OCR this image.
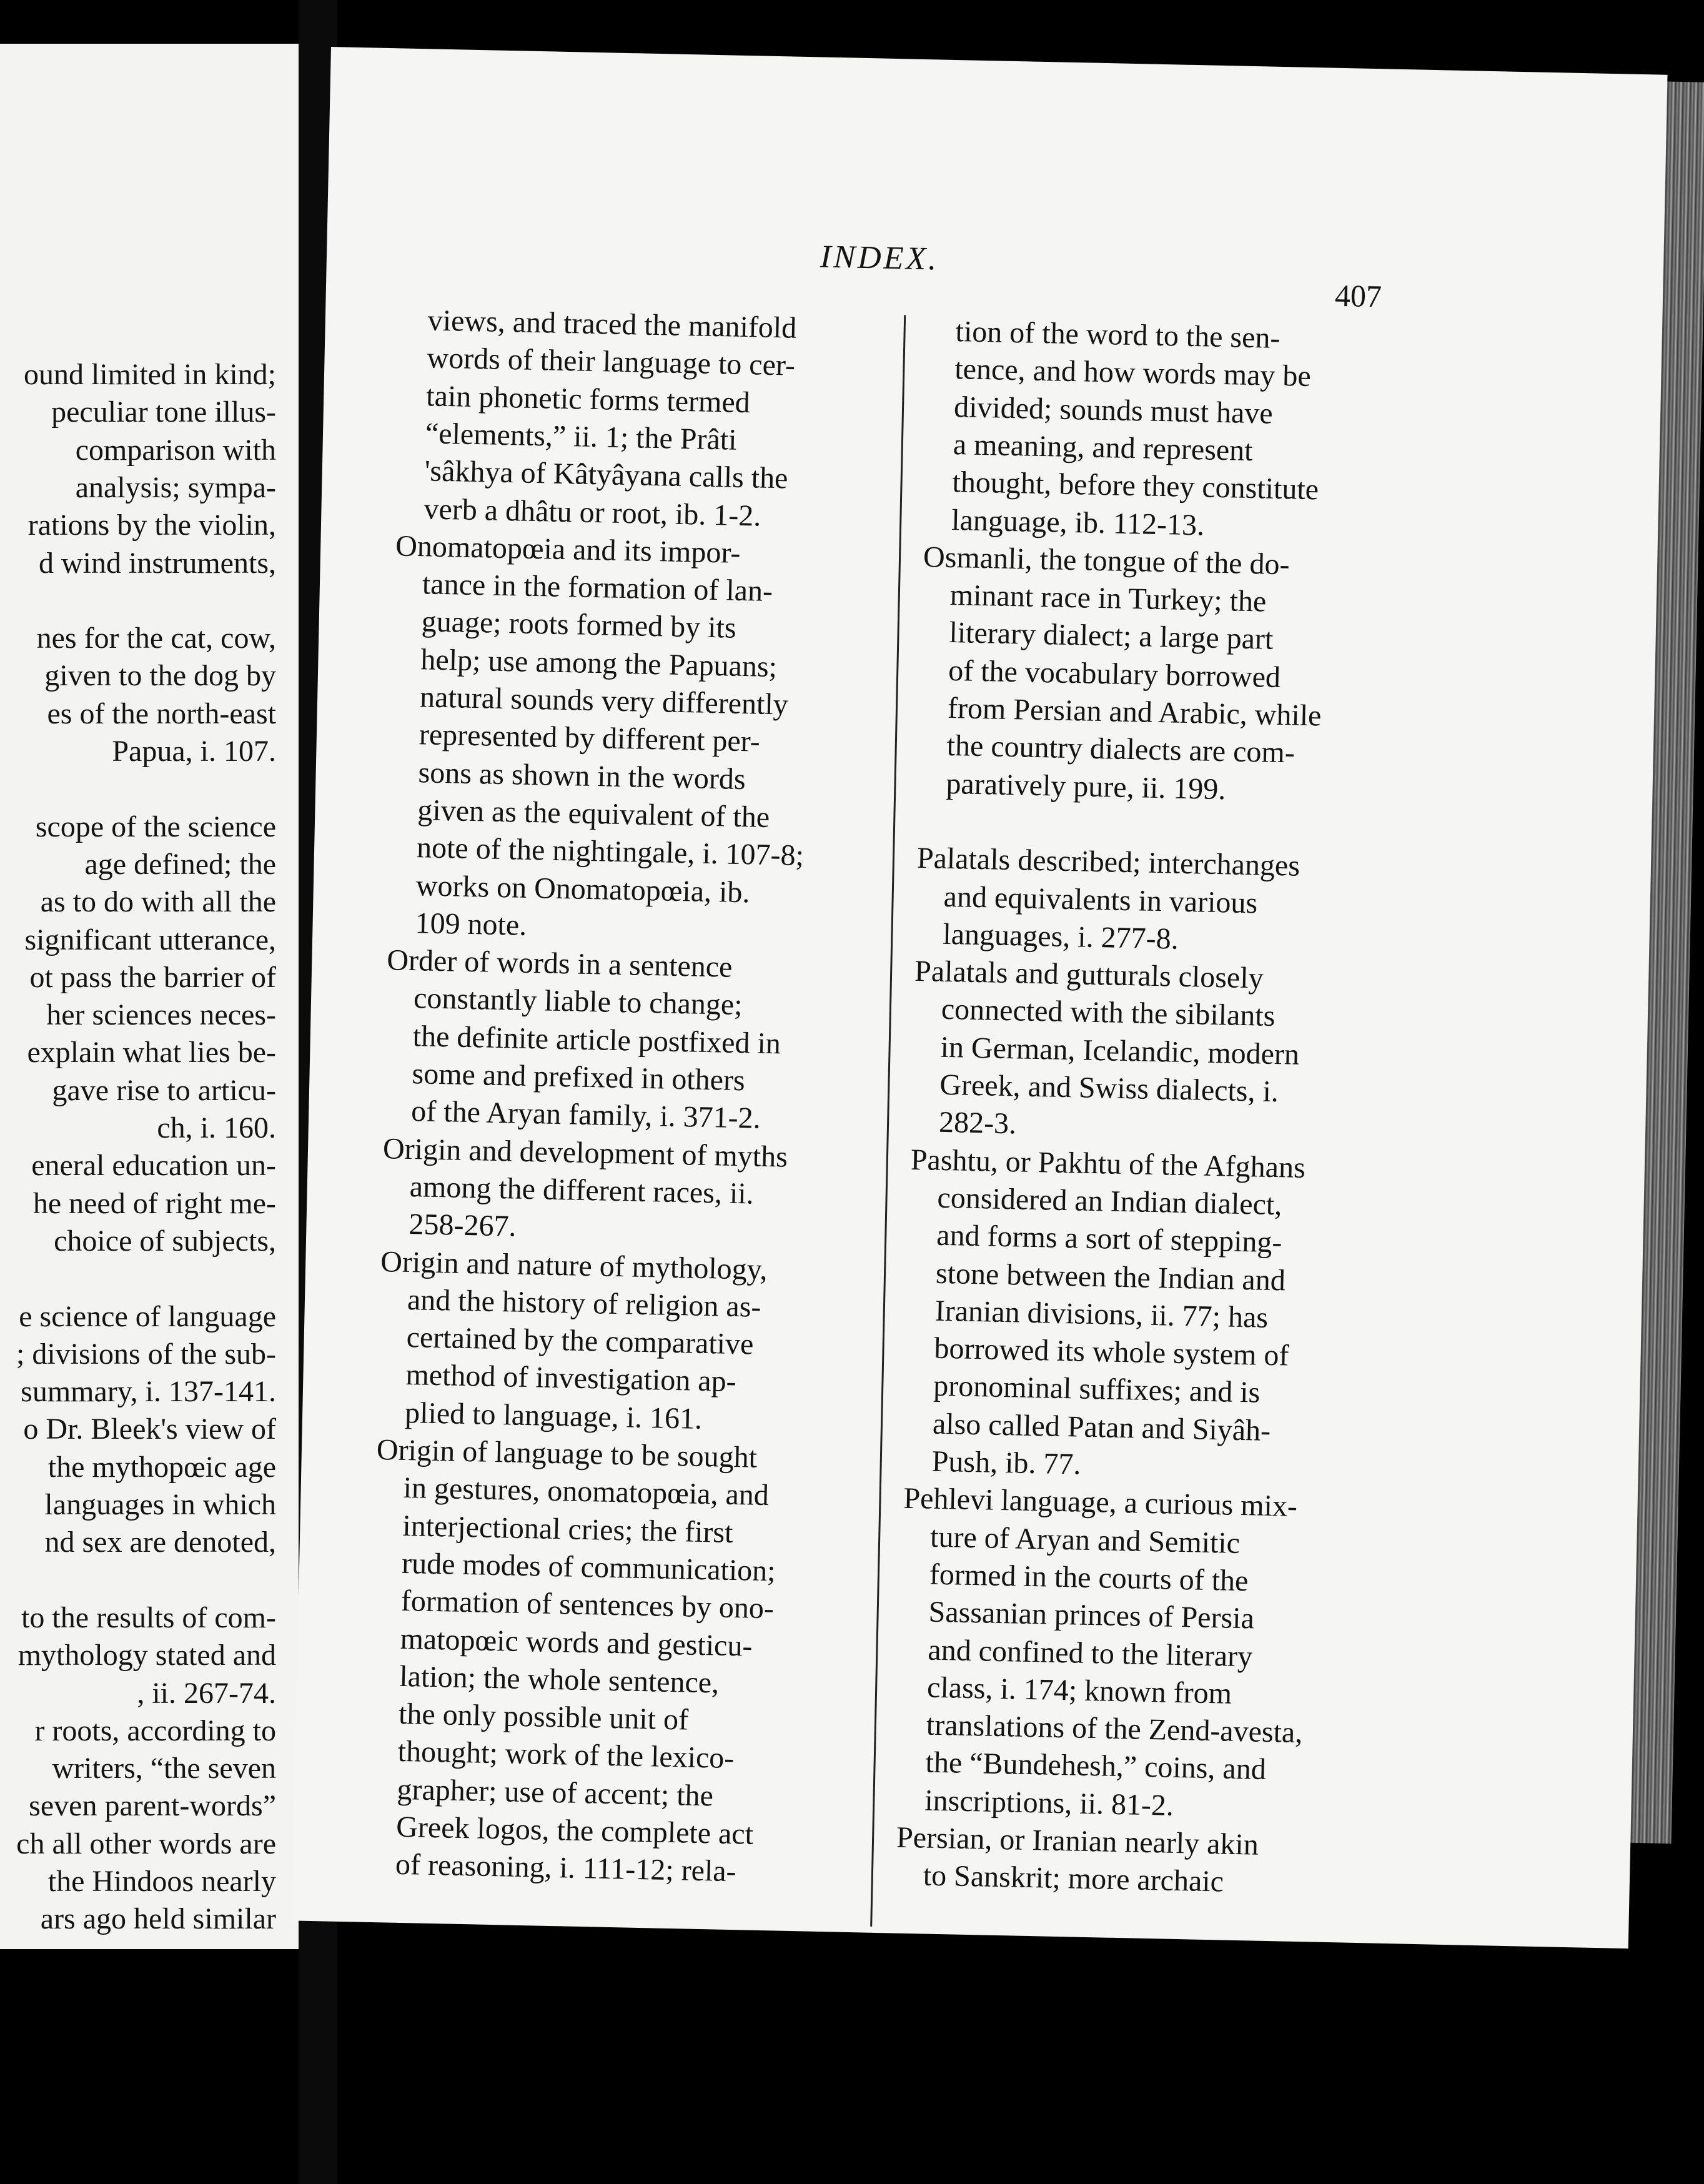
ound limited in kind;
peculiar tone illus-
comparison with
analysis; sympa-
rations by the violin,
d wind instruments,
nes for the cat, cow,
given to the dog by
es of the north-east
Papua, i. 107.
scope of the science
age defined; the
as to do with all the
significant utterance,
ot pass the barrier of
her sciences neces-
explain what lies be-
gave rise to articu-
ch, i. 160.
eneral education un-
he need of right me-
choice of subjects,
e science of language
; divisions of the sub-
summary, i. 137-141.
o Dr. Bleek's view of
the mythopœic age
languages in which
nd sex are denoted,
to the results of com-
mythology stated and
, ii. 267-74.
r roots, according to
writers, “the seven
seven parent-words”
ch all other words are
the Hindoos nearly
ars ago held similar
INDEX.
407
views, and traced the manifold
words of their language to cer-
tain phonetic forms termed
“elements,” ii. 1; the Prâti
'sâkhya of Kâtyâyana calls the
verb a dhâtu or root, ib. 1-2.
Onomatopœia and its impor-
tance in the formation of lan-
guage; roots formed by its
help; use among the Papuans;
natural sounds very differently
represented by different per-
sons as shown in the words
given as the equivalent of the
note of the nightingale, i. 107-8;
works on Onomatopœia, ib.
109 note.
Order of words in a sentence
constantly liable to change;
the definite article postfixed in
some and prefixed in others
of the Aryan family, i. 371-2.
Origin and development of myths
among the different races, ii.
258-267.
Origin and nature of mythology,
and the history of religion as-
certained by the comparative
method of investigation ap-
plied to language, i. 161.
Origin of language to be sought
in gestures, onomatopœia, and
interjectional cries; the first
rude modes of communication;
formation of sentences by ono-
matopœic words and gesticu-
lation; the whole sentence,
the only possible unit of
thought; work of the lexico-
grapher; use of accent; the
Greek logos, the complete act
of reasoning, i. 111-12; rela-
tion of the word to the sen-
tence, and how words may be
divided; sounds must have
a meaning, and represent
thought, before they constitute
language, ib. 112-13.
Osmanli, the tongue of the do-
minant race in Turkey; the
literary dialect; a large part
of the vocabulary borrowed
from Persian and Arabic, while
the country dialects are com-
paratively pure, ii. 199.
Palatals described; interchanges
and equivalents in various
languages, i. 277-8.
Palatals and gutturals closely
connected with the sibilants
in German, Icelandic, modern
Greek, and Swiss dialects, i.
282-3.
Pashtu, or Pakhtu of the Afghans
considered an Indian dialect,
and forms a sort of stepping-
stone between the Indian and
Iranian divisions, ii. 77; has
borrowed its whole system of
pronominal suffixes; and is
also called Patan and Siyâh-
Push, ib. 77.
Pehlevi language, a curious mix-
ture of Aryan and Semitic
formed in the courts of the
Sassanian princes of Persia
and confined to the literary
class, i. 174; known from
translations of the Zend-avesta,
the “Bundehesh,” coins, and
inscriptions, ii. 81-2.
Persian, or Iranian nearly akin
to Sanskrit; more archaic
